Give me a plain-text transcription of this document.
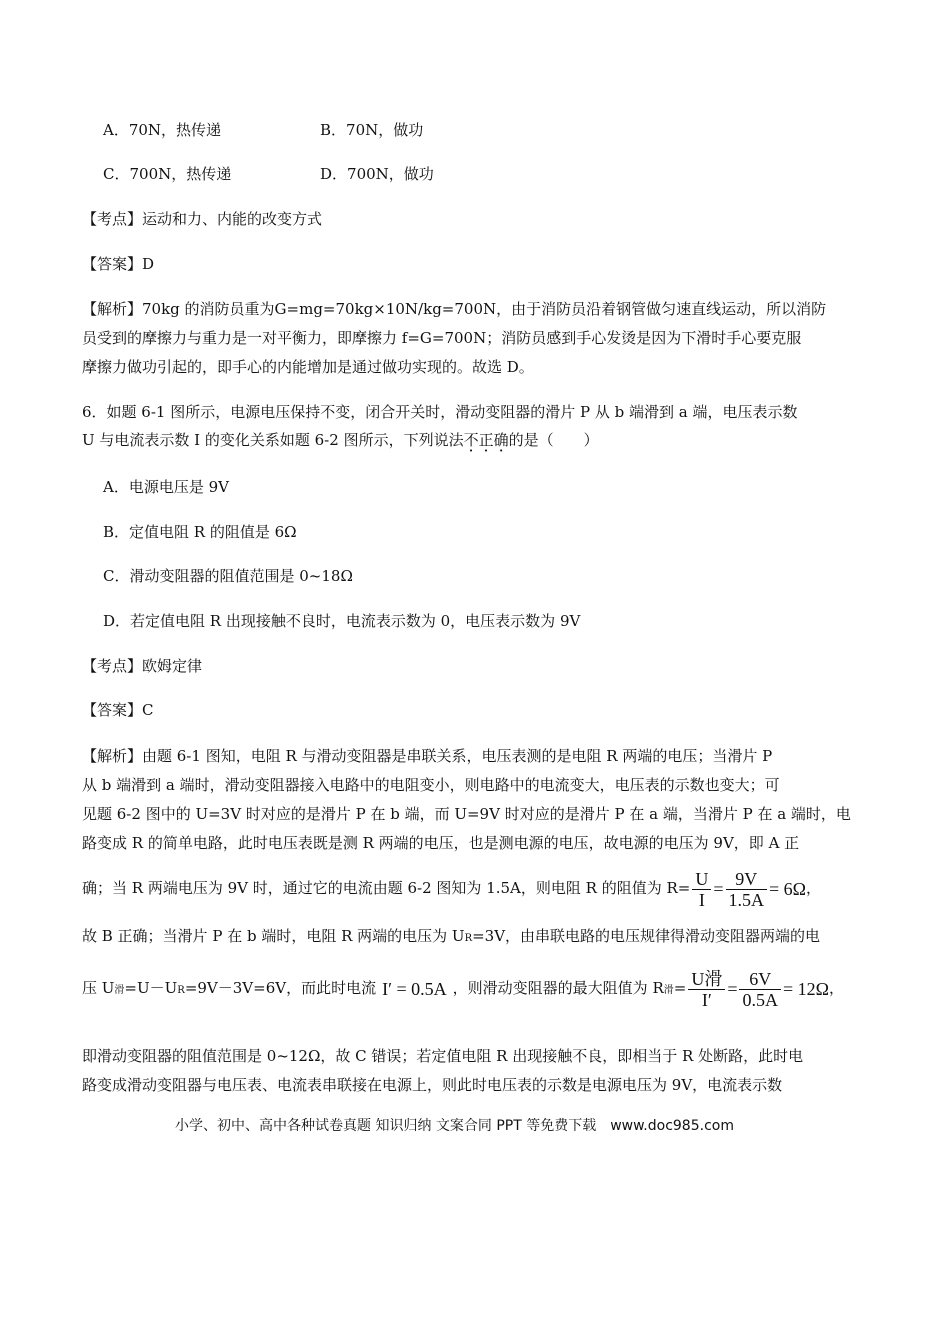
A．70N，热传递	B．70N，做功
C．700N，热传递	D．700N，做功
【考点】运动和力、内能的改变方式
【答案】D
【解析】70kg 的消防员重为G=mg=70kg×10N/kg=700N，由于消防员沿着钢管做匀速直线运动，所以消防
员受到的摩擦力与重力是一对平衡力，即摩擦力 f=G=700N；消防员感到手心发烫是因为下滑时手心要克服
摩擦力做功引起的，即手心的内能增加是通过做功实现的。故选 D。
6．如题 6-1 图所示，电源电压保持不变，闭合开关时，滑动变阻器的滑片 P 从 b 端滑到 a 端，电压表示数
U 与电流表示数 I 的变化关系如题 6-2 图所示，下列说法不正确的是（　　）
A．电源电压是 9V
B．定值电阻 R 的阻值是 6Ω
C．滑动变阻器的阻值范围是 0~18Ω
D．若定值电阻 R 出现接触不良时，电流表示数为 0，电压表示数为 9V
【考点】欧姆定律
【答案】C
【解析】由题 6-1 图知，电阻 R 与滑动变阻器是串联关系，电压表测的是电阻 R 两端的电压；当滑片 P
从 b 端滑到 a 端时，滑动变阻器接入电路中的电阻变小，则电路中的电流变大，电压表的示数也变大；可
见题 6-2 图中的 U=3V 时对应的是滑片 P 在 b 端，而 U=9V 时对应的是滑片 P 在 a 端，当滑片 P 在 a 端时，电
路变成 R 的简单电路，此时电压表既是测 R 两端的电压，也是测电源的电压，故电源的电压为 9V，即 A 正
确；当 R 两端电压为 9V 时，通过它的电流由题 6-2 图知为 1.5A，则电阻 R 的阻值为 $R= \frac{U}{I} = \frac{9V}{1.5A} = 6\Omega$，
故 B 正确；当滑片 P 在 b 端时，电阻 R 两端的电压为 UR=3V，由串联电路的电压规律得滑动变阻器两端的电
压 U滑=U－UR=9V－3V=6V，而此时电流 I′ = 0.5A ，则滑动变阻器的最大阻值为 R滑= $\frac{\text{U滑}}{I'} = \frac{6V}{0.5A} = 12\Omega$，
即滑动变阻器的阻值范围是 0~12Ω，故 C 错误；若定值电阻 R 出现接触不良，即相当于 R 处断路，此时电
路变成滑动变阻器与电压表、电流表串联接在电源上，则此时电压表的示数是电源电压为 9V，电流表示数
小学、初中、高中各种试卷真题 知识归纳 文案合同 PPT 等免费下载　www.doc985.com
